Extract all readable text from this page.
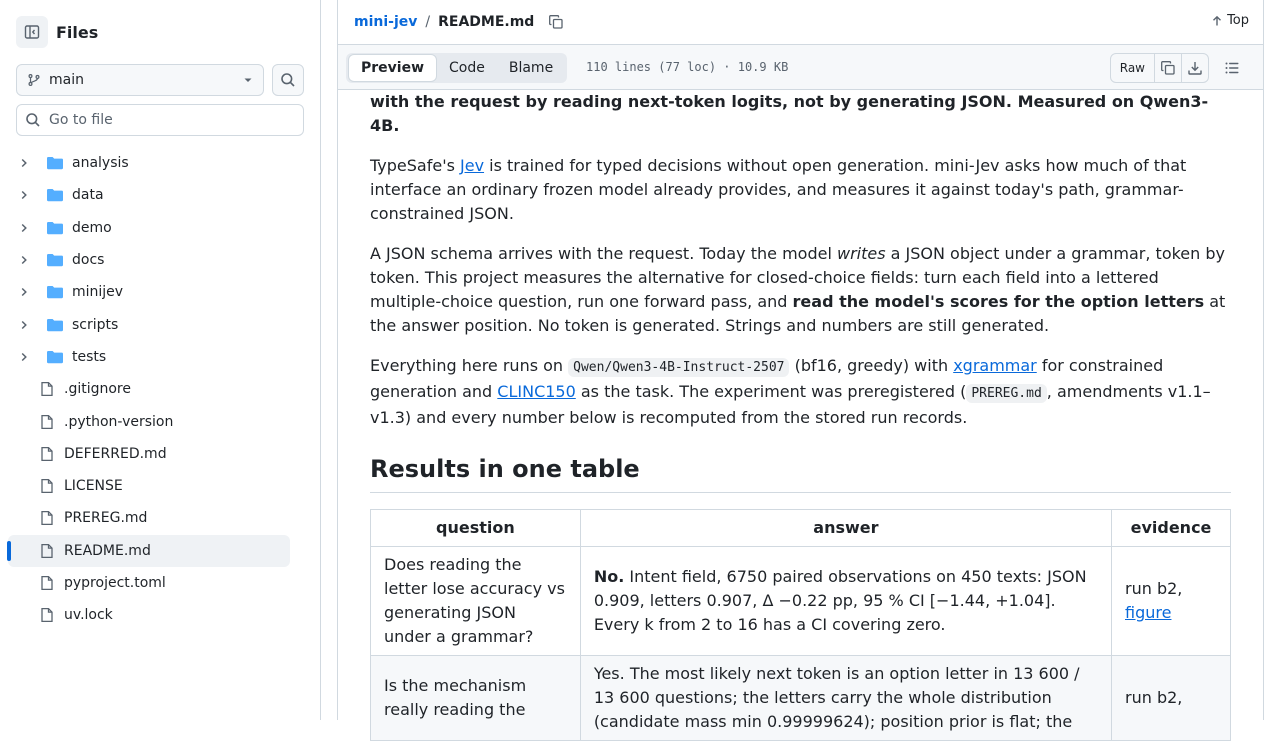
Files
main
Go to file
analysis
data
demo
docs
minijev
scripts
tests
.gitignore
.python-version
DEFERRED.md
LICENSE
PREREG.md
README.md
pyproject.toml
uv.lock
mini-jev / README.md	Top
Preview	Code	Blame	110 lines (77 loc) · 10.9 KB	Raw

with the request by reading next-token logits, not by generating JSON. Measured on Qwen3-4B.

TypeSafe's Jev is trained for typed decisions without open generation. mini-Jev asks how much of that interface an ordinary frozen model already provides, and measures it against today's path, grammar-constrained JSON.

A JSON schema arrives with the request. Today the model writes a JSON object under a grammar, token by token. This project measures the alternative for closed-choice fields: turn each field into a lettered multiple-choice question, run one forward pass, and read the model's scores for the option letters at the answer position. No token is generated. Strings and numbers are still generated.

Everything here runs on Qwen/Qwen3-4B-Instruct-2507 (bf16, greedy) with xgrammar for constrained generation and CLINC150 as the task. The experiment was preregistered ( PREREG.md , amendments v1.1–v1.3) and every number below is recomputed from the stored run records.

Results in one table
question	answer	evidence
Does reading the letter lose accuracy vs generating JSON under a grammar?	No. Intent field, 6750 paired observations on 450 texts: JSON 0.909, letters 0.907, Δ −0.22 pp, 95 % CI [−1.44, +1.04]. Every k from 2 to 16 has a CI covering zero.	run b2,
figure
Is the mechanism really reading the	Yes. The most likely next token is an option letter in 13 600 / 13 600 questions; the letters carry the whole distribution (candidate mass min 0.99999624); position prior is flat; the	run b2,
